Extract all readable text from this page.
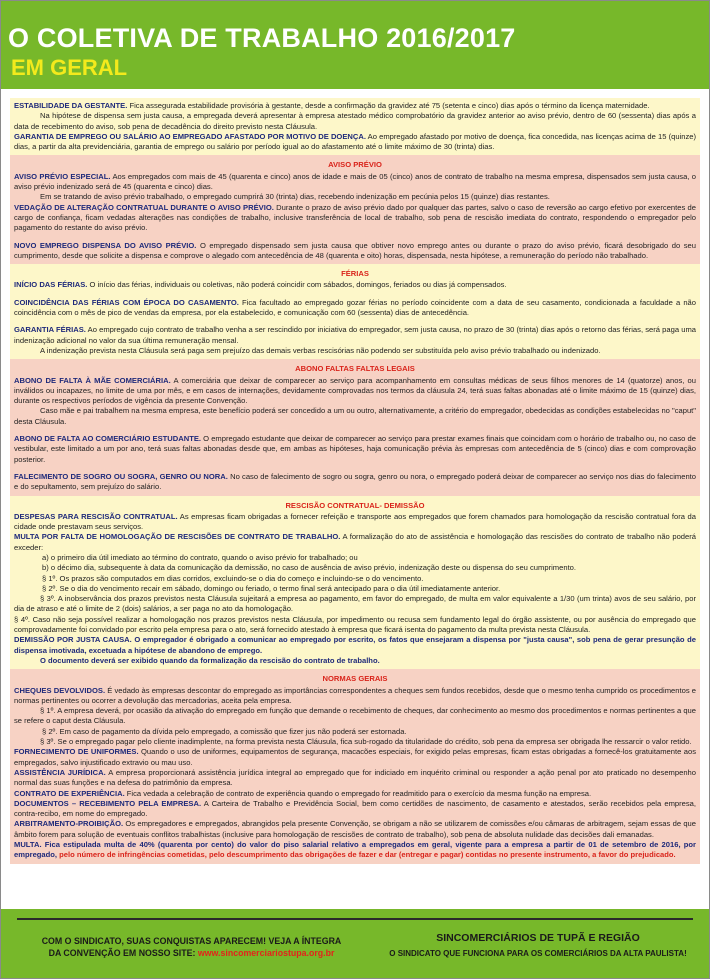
O COLETIVA DE TRABALHO 2016/2017
EM GERAL

ESTABILIDADE DA GESTANTE. Fica assegurada estabilidade provisória à gestante, desde a confirmação da gravidez até 75 (setenta e cinco) dias após o término da licença maternidade.

Na hipótese de dispensa sem justa causa, a empregada deverá apresentar à empresa atestado médico comprobatório da gravidez anterior ao aviso prévio, dentro de 60 (sessenta) dias após a data de recebimento do aviso, sob pena de decadência do direito previsto nesta Cláusula.

GARANTIA DE EMPREGO OU SALÁRIO AO EMPREGADO AFASTADO POR MOTIVO DE DOENÇA. Ao empregado afastado por motivo de doença, fica concedida, nas licenças acima de 15 (quinze) dias, a partir da alta previdenciária, garantia de emprego ou salário por período igual ao do afastamento até o limite máximo de 30 (trinta) dias.

AVISO PRÉVIO

AVISO PRÉVIO ESPECIAL. Aos empregados com mais de 45 (quarenta e cinco) anos de idade e mais de 05 (cinco) anos de contrato de trabalho na mesma empresa, dispensados sem justa causa, o aviso prévio indenizado será de 45 (quarenta e cinco) dias.

Em se tratando de aviso prévio trabalhado, o empregado cumprirá 30 (trinta) dias, recebendo indenização em pecúnia pelos 15 (quinze) dias restantes.

VEDAÇÃO DE ALTERAÇÃO CONTRATUAL DURANTE O AVISO PRÉVIO. Durante o prazo de aviso prévio dado por qualquer das partes, salvo o caso de reversão ao cargo efetivo por exercentes de cargo de confiança, ficam vedadas alterações nas condições de trabalho, inclusive transferência de local de trabalho, sob pena de rescisão imediata do contrato, respondendo o empregador pelo pagamento do restante do aviso prévio.

NOVO EMPREGO DISPENSA DO AVISO PRÉVIO. O empregado dispensado sem justa causa que obtiver novo emprego antes ou durante o prazo do aviso prévio, ficará desobrigado do seu cumprimento, desde que solicite a dispensa e comprove o alegado com antecedência de 48 (quarenta e oito) horas, dispensada, nesta hipótese, a remuneração do período não trabalhado.

FÉRIAS

INÍCIO DAS FÉRIAS. O início das férias, individuais ou coletivas, não poderá coincidir com sábados, domingos, feriados ou dias já compensados.

COINCIDÊNCIA DAS FÉRIAS COM ÉPOCA DO CASAMENTO. Fica facultado ao empregado gozar férias no período coincidente com a data de seu casamento, condicionada a faculdade a não coincidência com o mês de pico de vendas da empresa, por ela estabelecido, e comunicação com 60 (sessenta) dias de antecedência.

GARANTIA FÉRIAS. Ao empregado cujo contrato de trabalho venha a ser rescindido por iniciativa do empregador, sem justa causa, no prazo de 30 (trinta) dias após o retorno das férias, será paga uma indenização adicional no valor da sua última remuneração mensal.

A indenização prevista nesta Cláusula será paga sem prejuízo das demais verbas rescisórias não podendo ser substituída pelo aviso prévio trabalhado ou indenizado.

ABONO FALTAS FALTAS LEGAIS

ABONO DE FALTA À MÃE COMERCIÁRIA. A comerciária que deixar de comparecer ao serviço para acompanhamento em consultas médicas de seus filhos menores de 14 (quatorze) anos, ou inválidos ou incapazes, no limite de uma por mês, e em casos de internações, devidamente comprovadas nos termos da cláusula 24, terá suas faltas abonadas até o limite máximo de 15 (quinze) dias, durante os respectivos períodos de vigência da presente Convenção.

Caso mãe e pai trabalhem na mesma empresa, este benefício poderá ser concedido a um ou outro, alternativamente, a critério do empregador, obedecidas as condições estabelecidas no "caput" desta Cláusula.

ABONO DE FALTA AO COMERCIÁRIO ESTUDANTE. O empregado estudante que deixar de comparecer ao serviço para prestar exames finais que coincidam com o horário de trabalho ou, no caso de vestibular, este limitado a um por ano, terá suas faltas abonadas desde que, em ambas as hipóteses, haja comunicação prévia às empresas com antecedência de 5 (cinco) dias e com comprovação posterior.

FALECIMENTO DE SOGRO OU SOGRA, GENRO OU NORA. No caso de falecimento de sogro ou sogra, genro ou nora, o empregado poderá deixar de comparecer ao serviço nos dias do falecimento e do sepultamento, sem prejuízo do salário.

RESCISÃO CONTRATUAL- DEMISSÃO

DESPESAS PARA RESCISÃO CONTRATUAL. As empresas ficam obrigadas a fornecer refeição e transporte aos empregados que forem chamados para homologação da rescisão contratual fora da cidade onde prestavam seus serviços.

MULTA POR FALTA DE HOMOLOGAÇÃO DE RESCISÕES DE CONTRATO DE TRABALHO. A formalização do ato de assistência e homologação das rescisões do contrato de trabalho não poderá exceder:

a) o primeiro dia útil imediato ao término do contrato, quando o aviso prévio for trabalhado; ou

b) o décimo dia, subsequente à data da comunicação da demissão, no caso de ausência de aviso prévio, indenização deste ou dispensa do seu cumprimento.

§ 1º. Os prazos são computados em dias corridos, excluindo-se o dia do começo e incluindo-se o do vencimento.

§ 2º. Se o dia do vencimento recair em sábado, domingo ou feriado, o termo final será antecipado para o dia útil imediatamente anterior.

§ 3º. A inobservância dos prazos previstos nesta Cláusula sujeitará a empresa ao pagamento, em favor do empregado, de multa em valor equivalente a 1/30 (um trinta) avos de seu salário, por dia de atraso e até o limite de 2 (dois) salários, a ser paga no ato da homologação.

§ 4º. Caso não seja possível realizar a homologação nos prazos previstos nesta Cláusula, por impedimento ou recusa sem fundamento legal do órgão assistente, ou por ausência do empregado que comprovadamente foi convidado por escrito pela empresa para o ato, será fornecido atestado à empresa que ficará isenta do pagamento da multa prevista nesta Cláusula.

DEMISSÃO POR JUSTA CAUSA. O empregador é obrigado a comunicar ao empregado por escrito, os fatos que ensejaram a dispensa por "justa causa", sob pena de gerar presunção de dispensa imotivada, excetuada a hipótese de abandono de emprego.

O documento deverá ser exibido quando da formalização da rescisão do contrato de trabalho.

NORMAS GERAIS

CHEQUES DEVOLVIDOS. É vedado às empresas descontar do empregado as importâncias correspondentes a cheques sem fundos recebidos, desde que o mesmo tenha cumprido os procedimentos e normas pertinentes ou ocorrer a devolução das mercadorias, aceita pela empresa.

§ 1º. A empresa deverá, por ocasião da ativação do empregado em função que demande o recebimento de cheques, dar conhecimento ao mesmo dos procedimentos e normas pertinentes a que se refere o caput desta Cláusula.

§ 2º. Em caso de pagamento da dívida pelo empregado, a comissão que fizer jus não poderá ser estornada.

§ 3º. Se o empregado pagar pelo cliente inadimplente, na forma prevista nesta Cláusula, fica sub-rogado da titularidade do crédito, sob pena da empresa ser obrigada lhe ressarcir o valor retido.

FORNECIMENTO DE UNIFORMES. Quando o uso de uniformes, equipamentos de segurança, macacões especiais, for exigido pelas empresas, ficam estas obrigadas a fornecê-los gratuitamente aos empregados, salvo injustificado extravio ou mau uso.

ASSISTÊNCIA JURÍDICA. A empresa proporcionará assistência jurídica integral ao empregado que for indiciado em inquérito criminal ou responder a ação penal por ato praticado no desempenho normal das suas funções e na defesa do patrimônio da empresa.

CONTRATO DE EXPERIÊNCIA. Fica vedada a celebração de contrato de experiência quando o empregado for readmitido para o exercício da mesma função na empresa.

DOCUMENTOS – RECEBIMENTO PELA EMPRESA. A Carteira de Trabalho e Previdência Social, bem como certidões de nascimento, de casamento e atestados, serão recebidos pela empresa, contra-recibo, em nome do empregado.

ARBITRAMENTO-PROIBIÇÃO. Os empregadores e empregados, abrangidos pela presente Convenção, se obrigam a não se utilizarem de comissões e/ou câmaras de arbitragem, sejam essas de que âmbito forem para solução de eventuais conflitos trabalhistas (inclusive para homologação de rescisões de contrato de trabalho), sob pena de absoluta nulidade das decisões dali emanadas.

MULTA. Fica estipulada multa de 40% (quarenta por cento) do valor do piso salarial relativo a empregados em geral, vigente para a empresa a partir de 01 de setembro de 2016, por empregado, pelo número de infringências cometidas, pelo descumprimento das obrigações de fazer e dar (entregar e pagar) contidas no presente instrumento, a favor do prejudicado.

COM O SINDICATO, SUAS CONQUISTAS APARECEM! VEJA A ÍNTEGRA
DA CONVENÇÃO EM NOSSO SITE: www.sincomerciariostupa.org.br
SINCOMERCIÁRIOS DE TUPÃ E REGIÃO
O SINDICATO QUE FUNCIONA PARA OS COMERCIÁRIOS DA ALTA PAULISTA!
